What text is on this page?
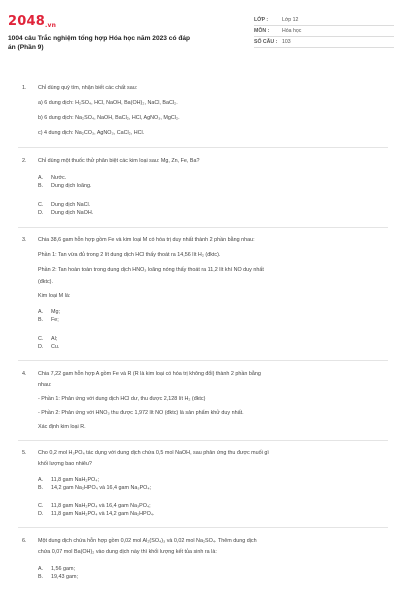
2048.vn
1004 câu Trắc nghiệm tổng hợp Hóa học năm 2023 có đáp
án (Phần 9)
LỚP :	Lớp 12
MÔN :	Hóa học
SỐ CÂU : 103
1. Chỉ dùng quỳ tím, nhận biết các chất sau:
a) 6 dung dịch: H₂SO₄, HCl, NaOH, Ba(OH)₂, NaCl, BaCl₂.
b) 6 dung dịch: Na₂SO₄, NaOH, BaCl₂, HCl, AgNO₃, MgCl₂.
c) 4 dung dịch: Na₂CO₃, AgNO₃, CaCl₂, HCl.
2. Chỉ dùng một thuốc thử phân biệt các kim loại sau: Mg, Zn, Fe, Ba?
A.	Nước.
B.	Dung dịch loãng.
C.	Dung dịch NaCl.
D.	Dung dịch NaOH.
3. Chia 38,6 gam hỗn hợp gồm Fe và kim loại M có hóa trị duy nhất thành 2 phần bằng nhau:
Phần 1: Tan vừa đủ trong 2 lít dung dịch HCl thấy thoát ra 14,56 lít H₂ (đktc).
Phần 2: Tan hoàn toàn trong dung dịch HNO₃ loãng nóng thấy thoát ra 11,2 lít khí NO duy nhất
(đktc).
Kim loại M là:
A.	Mg;
B.	Fe;
C.	Al;
D.	Cu.
4. Chia 7,22 gam hỗn hợp A gồm Fe và R (R là kim loại có hóa trị không đổi) thành 2 phần bằng
nhau:
- Phần 1: Phản ứng với dung dịch HCl dư, thu được 2,128 lít H₂ (đktc)
- Phần 2: Phản ứng với HNO₃ thu được 1,972 lít NO (đktc) là sản phẩm khử duy nhất.
Xác định kim loại R.
5. Cho 0,2 mol H₃PO₄ tác dụng với dung dịch chứa 0,5 mol NaOH, sau phản ứng thu được muối gì
khối lượng bao nhiêu?
A.	11,8 gam NaH₂PO₄;
B.	14,2 gam Na₂HPO₄ và 16,4 gam Na₃PO₄;
C.	11,8 gam NaH₂PO₄ và 16,4 gam Na₃PO₄;
D.	11,8 gam NaH₂PO₄ và 14,2 gam Na₂HPO₄.
6. Một dung dịch chứa hỗn hợp gồm 0,02 mol Al₂(SO₄)₃ và 0,02 mol Na₂SO₄. Thêm dung dịch
chứa 0,07 mol Ba(OH)₂ vào dung dịch này thì khối lượng kết tủa sinh ra là:
A.	1,56 gam;
B.	19,43 gam;
